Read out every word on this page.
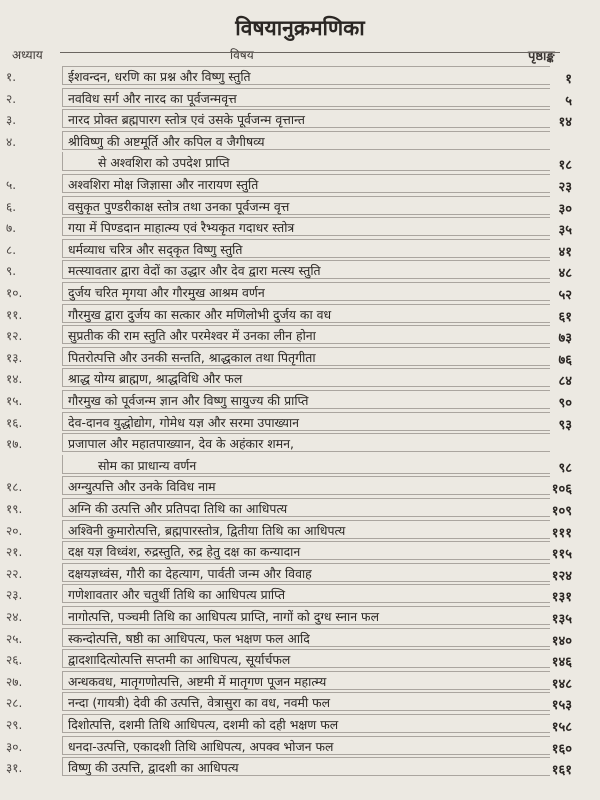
विषयानुक्रमणिका
अध्याय	विषय	पृष्ठाङ्क
१.	ईशवन्दन, धरणि का प्रश्न और विष्णु स्तुति	१
२.	नवविध सर्ग और नारद का पूर्वजन्मवृत्त	५
३.	नारद प्रोक्त ब्रह्मपारग स्तोत्र एवं उसके पूर्वजन्म वृत्तान्त	१४
४.	श्रीविष्णु की अष्टमूर्ति और कपिल व जैगीषव्य
से अश्वशिरा को उपदेश प्राप्ति	१८
५.	अश्वशिरा मोक्ष जिज्ञासा और नारायण स्तुति	२३
६.	वसुकृत पुण्डरीकाक्ष स्तोत्र तथा उनका पूर्वजन्म वृत्त	३०
७.	गया में पिण्डदान माहात्म्य एवं रैभ्यकृत गदाधर स्तोत्र	३५
८.	धर्मव्याध चरित्र और सद्कृत विष्णु स्तुति	४१
९.	मत्स्यावतार द्वारा वेदों का उद्धार और देव द्वारा मत्स्य स्तुति	४८
१०.	दुर्जय चरित मृगया और गौरमुख आश्रम वर्णन	५२
११.	गौरमुख द्वारा दुर्जय का सत्कार और मणिलोभी दुर्जय का वध	६१
१२.	सुप्रतीक की राम स्तुति और परमेश्वर में उनका लीन होना	७३
१३.	पितरोत्पत्ति और उनकी सन्तति, श्राद्धकाल तथा पितृगीता	७६
१४.	श्राद्ध योग्य ब्राह्मण, श्राद्धविधि और फल	८४
१५.	गौरमुख को पूर्वजन्म ज्ञान और विष्णु सायुज्य की प्राप्ति	९०
१६.	देव-दानव युद्धोद्योग, गोमेध यज्ञ और सरमा उपाख्यान	९३
१७.	प्रजापाल और महातपाख्यान, देव के अहंकार शमन,
सोम का प्राधान्य वर्णन	९८
१८.	अग्न्युत्पत्ति और उनके विविध नाम	१०६
१९.	अग्नि की उत्पत्ति और प्रतिपदा तिथि का आधिपत्य	१०९
२०.	अश्विनी कुमारोत्पत्ति, ब्रह्मपारस्तोत्र, द्वितीया तिथि का आधिपत्य	१११
२१.	दक्ष यज्ञ विध्वंश, रुद्रस्तुति, रुद्र हेतु दक्ष का कन्यादान	११५
२२.	दक्षयज्ञध्वंस, गौरी का देहत्याग, पार्वती जन्म और विवाह	१२४
२३.	गणेशावतार और चतुर्थी तिथि का आधिपत्य प्राप्ति	१३१
२४.	नागोत्पत्ति, पञ्चमी तिथि का आधिपत्य प्राप्ति, नागों को दुग्ध स्नान फल	१३५
२५.	स्कन्दोत्पत्ति, षष्ठी का आधिपत्य, फल भक्षण फल आदि	१४०
२६.	द्वादशादित्योत्पत्ति सप्तमी का आधिपत्य, सूर्यार्चफल	१४६
२७.	अन्धकवध, मातृगणोत्पत्ति, अष्टमी में मातृगण पूजन महात्म्य	१४८
२८.	नन्दा (गायत्री) देवी की उत्पत्ति, वेत्रासुरा का वध, नवमी फल	१५३
२९.	दिशोत्पत्ति, दशमी तिथि आधिपत्य, दशमी को दही भक्षण फल	१५८
३०.	धनदा-उत्पत्ति, एकादशी तिथि आधिपत्य, अपक्व भोजन फल	१६०
३१.	विष्णु की उत्पत्ति, द्वादशी का आधिपत्य	१६१
